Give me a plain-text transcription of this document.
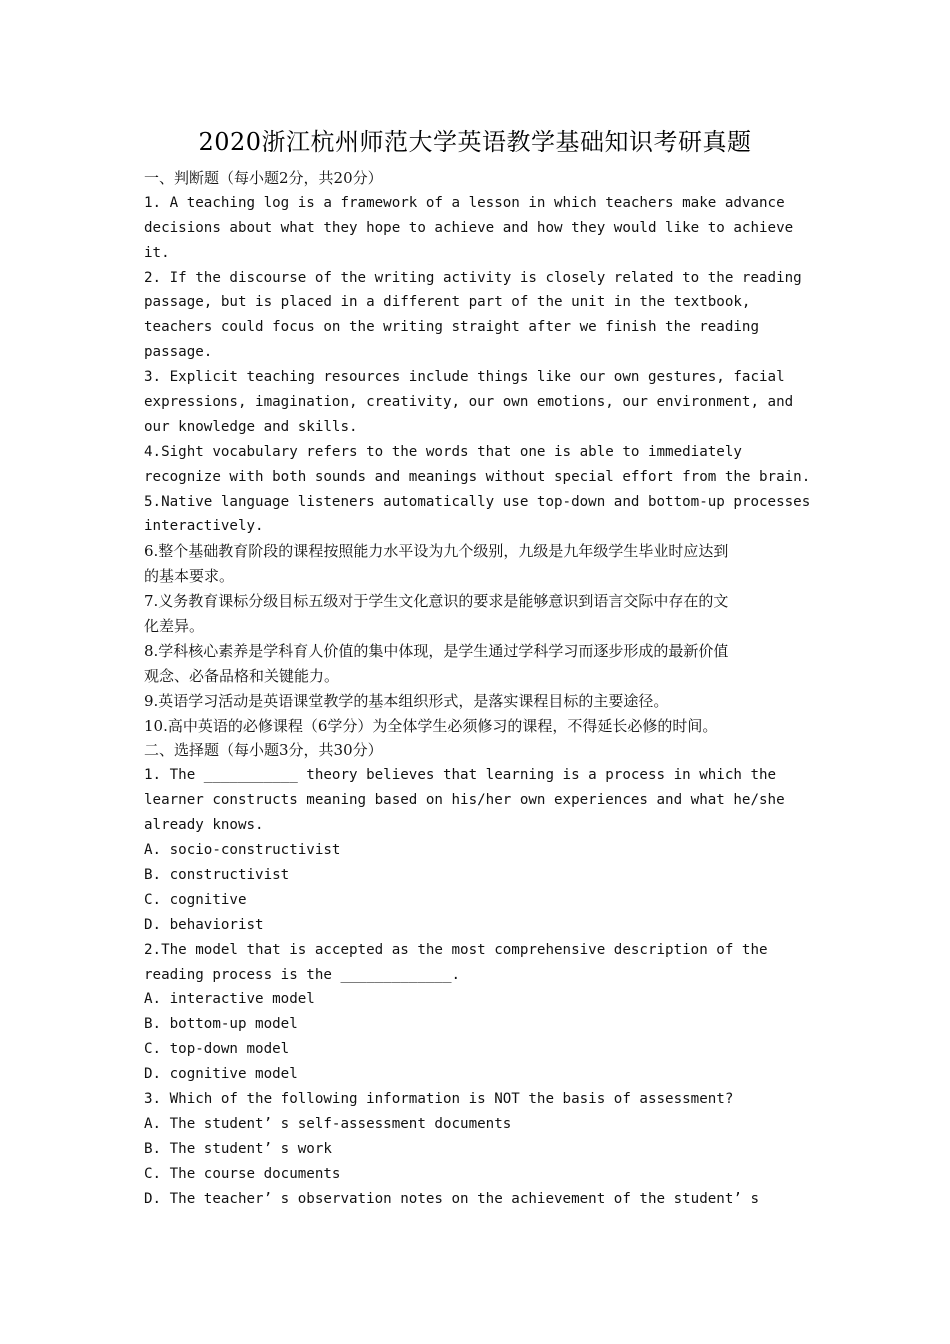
2020浙江杭州师范大学英语教学基础知识考研真题
一、判断题（每小题2分，共20分）
1. A teaching log is a framework of a lesson in which teachers make advance
decisions about what they hope to achieve and how they would like to achieve
it.
2. If the discourse of the writing activity is closely related to the reading
passage, but is placed in a different part of the unit in the textbook,
teachers could focus on the writing straight after we finish the reading
passage.
3. Explicit teaching resources include things like our own gestures, facial
expressions, imagination, creativity, our own emotions, our environment, and
our knowledge and skills.
4.Sight vocabulary refers to the words that one is able to immediately
recognize with both sounds and meanings without special effort from the brain.
5.Native language listeners automatically use top-down and bottom-up processes
interactively.
6.整个基础教育阶段的课程按照能力水平设为九个级别，九级是九年级学生毕业时应达到
的基本要求。
7.义务教育课标分级目标五级对于学生文化意识的要求是能够意识到语言交际中存在的文
化差异。
8.学科核心素养是学科育人价值的集中体现，是学生通过学科学习而逐步形成的最新价值
观念、必备品格和关键能力。
9.英语学习活动是英语课堂教学的基本组织形式，是落实课程目标的主要途径。
10.高中英语的必修课程（6学分）为全体学生必须修习的课程，不得延长必修的时间。
二、选择题（每小题3分，共30分）
1. The ___________ theory believes that learning is a process in which the
learner constructs meaning based on his/her own experiences and what he/she
already knows.
A. socio-constructivist
B. constructivist
C. cognitive
D. behaviorist
2.The model that is accepted as the most comprehensive description of the
reading process is the _____________.
A. interactive model
B. bottom-up model
C. top-down model
D. cognitive model
3. Which of the following information is NOT the basis of assessment?
A. The student’ s self-assessment documents
B. The student’ s work
C. The course documents
D. The teacher’ s observation notes on the achievement of the student’ s
